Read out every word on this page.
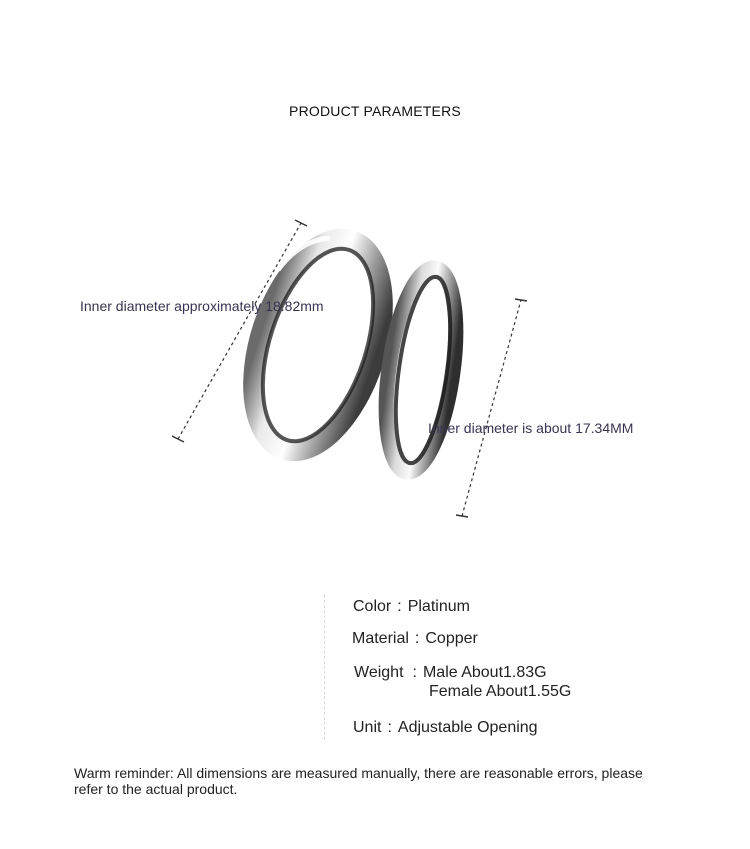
PRODUCT PARAMETERS
Inner diameter approximately 18.82mm
Inner diameter is about 17.34MM
Color : Platinum
Material : Copper
Weight : Male About1.83G
Female About1.55G
Unit : Adjustable Opening
Warm reminder: All dimensions are measured manually, there are reasonable errors, please refer to the actual product.
